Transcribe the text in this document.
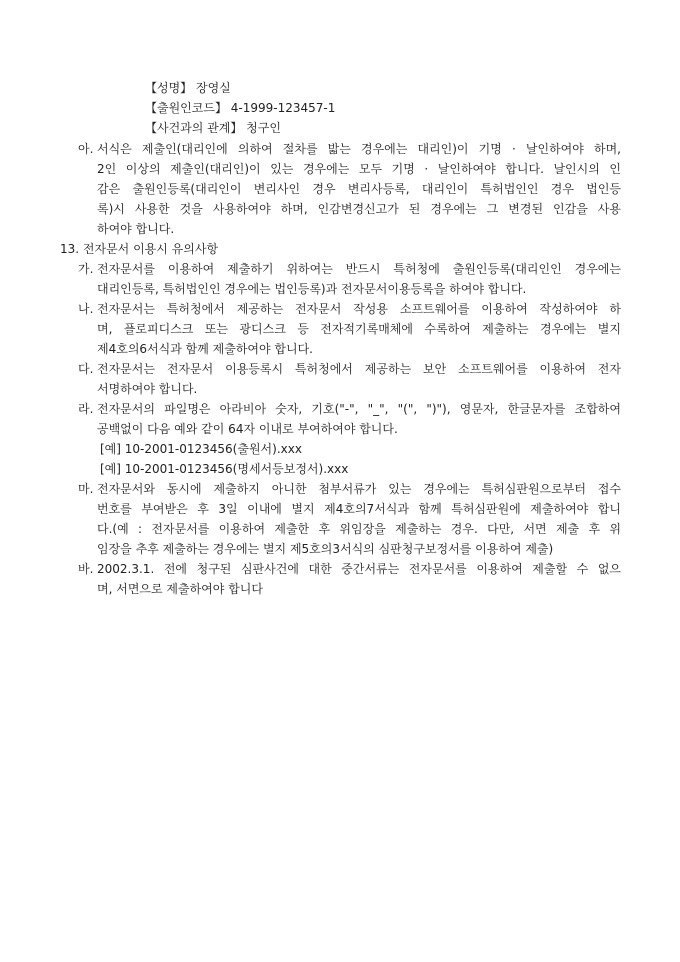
【성명】 장영실
【출원인코드】 4-1999-123457-1
【사건과의 관계】 청구인
아. 서식은 제출인(대리인에 의하여 절차를 밟는 경우에는 대리인)이 기명 · 날인하여야 하며,
2인 이상의 제출인(대리인)이 있는 경우에는 모두 기명 · 날인하여야 합니다. 날인시의 인
감은 출원인등록(대리인이 변리사인 경우 변리사등록, 대리인이 특허법인인 경우 법인등
록)시 사용한 것을 사용하여야 하며, 인감변경신고가 된 경우에는 그 변경된 인감을 사용
하여야 합니다.
13. 전자문서 이용시 유의사항
가. 전자문서를 이용하여 제출하기 위하여는 반드시 특허청에 출원인등록(대리인인 경우에는
대리인등록, 특허법인인 경우에는 법인등록)과 전자문서이용등록을 하여야 합니다.
나. 전자문서는 특허청에서 제공하는 전자문서 작성용 소프트웨어를 이용하여 작성하여야 하
며, 플로피디스크 또는 광디스크 등 전자적기록매체에 수록하여 제출하는 경우에는 별지
제4호의6서식과 함께 제출하여야 합니다.
다. 전자문서는 전자문서 이용등록시 특허청에서 제공하는 보안 소프트웨어를 이용하여 전자
서명하여야 합니다.
라. 전자문서의 파일명은 아라비아 숫자, 기호("-", "_", "(", ")"), 영문자, 한글문자를 조합하여
공백없이 다음 예와 같이 64자 이내로 부여하여야 합니다.
[예] 10-2001-0123456(출원서).xxx
[예] 10-2001-0123456(명세서등보정서).xxx
마. 전자문서와 동시에 제출하지 아니한 첨부서류가 있는 경우에는 특허심판원으로부터 접수
번호를 부여받은 후 3일 이내에 별지 제4호의7서식과 함께 특허심판원에 제출하여야 합니
다.(예 : 전자문서를 이용하여 제출한 후 위임장을 제출하는 경우. 다만, 서면 제출 후 위
임장을 추후 제출하는 경우에는 별지 제5호의3서식의 심판청구보정서를 이용하여 제출)
바. 2002.3.1. 전에 청구된 심판사건에 대한 중간서류는 전자문서를 이용하여 제출할 수 없으
며, 서면으로 제출하여야 합니다
